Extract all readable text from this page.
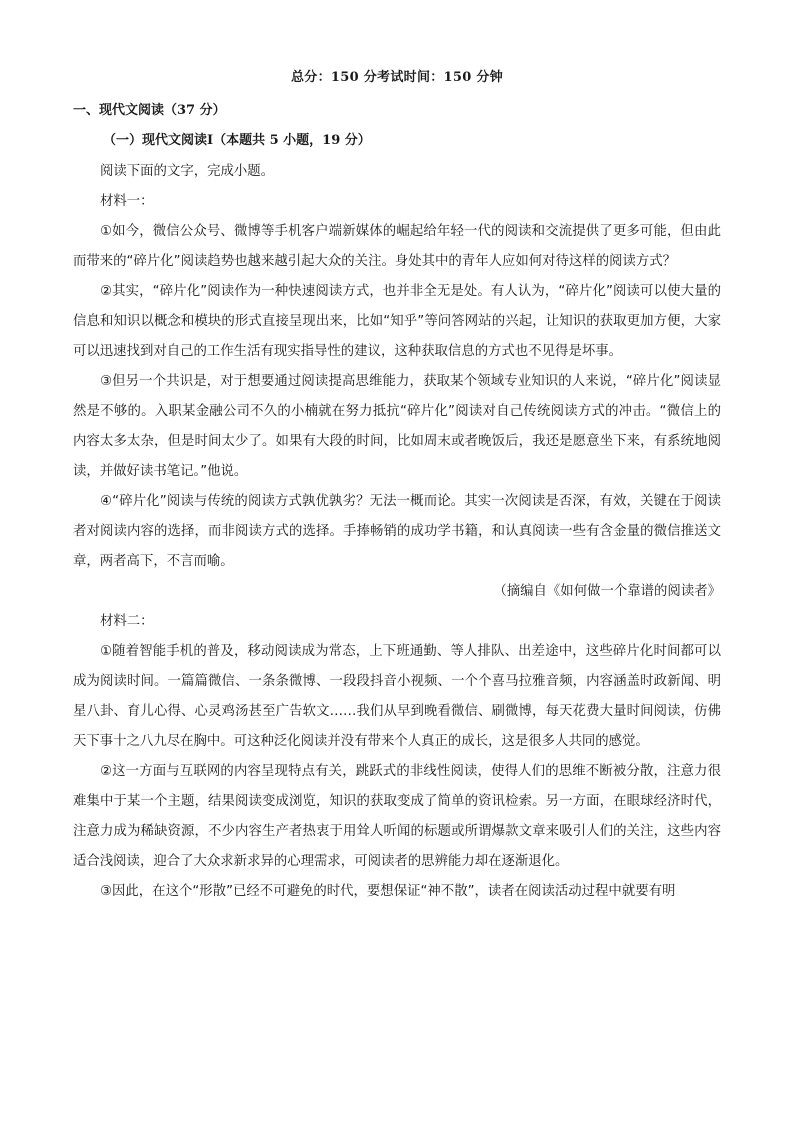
总分：150 分考试时间：150 分钟
一、现代文阅读（37 分）
（一）现代文阅读Ⅰ（本题共 5 小题，19 分）

阅读下面的文字，完成小题。

材料一：

①如今，微信公众号、微博等手机客户端新媒体的崛起给年轻一代的阅读和交流提供了更多可能，但由此而带来的“碎片化”阅读趋势也越来越引起大众的关注。身处其中的青年人应如何对待这样的阅读方式？

②其实，“碎片化”阅读作为一种快速阅读方式，也并非全无是处。有人认为，“碎片化”阅读可以使大量的信息和知识以概念和模块的形式直接呈现出来，比如“知乎”等问答网站的兴起，让知识的获取更加方便，大家可以迅速找到对自己的工作生活有现实指导性的建议，这种获取信息的方式也不见得是坏事。

③但另一个共识是，对于想要通过阅读提高思维能力，获取某个领域专业知识的人来说，“碎片化”阅读显然是不够的。入职某金融公司不久的小楠就在努力抵抗“碎片化”阅读对自己传统阅读方式的冲击。“微信上的内容太多太杂，但是时间太少了。如果有大段的时间，比如周末或者晚饭后，我还是愿意坐下来，有系统地阅读，并做好读书笔记。”他说。

④“碎片化”阅读与传统的阅读方式孰优孰劣？无法一概而论。其实一次阅读是否深，有效，关键在于阅读者对阅读内容的选择，而非阅读方式的选择。手捧畅销的成功学书籍，和认真阅读一些有含金量的微信推送文章，两者高下，不言而喻。

（摘编自《如何做一个靠谱的阅读者》

材料二：

①随着智能手机的普及，移动阅读成为常态，上下班通勤、等人排队、出差途中，这些碎片化时间都可以成为阅读时间。一篇篇微信、一条条微博、一段段抖音小视频、一个个喜马拉雅音频，内容涵盖时政新闻、明星八卦、育儿心得、心灵鸡汤甚至广告软文……我们从早到晚看微信、刷微博，每天花费大量时间阅读，仿佛天下事十之八九尽在胸中。可这种泛化阅读并没有带来个人真正的成长，这是很多人共同的感觉。

②这一方面与互联网的内容呈现特点有关，跳跃式的非线性阅读，使得人们的思维不断被分散，注意力很难集中于某一个主题，结果阅读变成浏览，知识的获取变成了简单的资讯检索。另一方面，在眼球经济时代，注意力成为稀缺资源，不少内容生产者热衷于用耸人听闻的标题或所谓爆款文章来吸引人们的关注，这些内容适合浅阅读，迎合了大众求新求异的心理需求，可阅读者的思辨能力却在逐渐退化。

③因此，在这个“形散”已经不可避免的时代，要想保证“神不散”，读者在阅读活动过程中就要有明
